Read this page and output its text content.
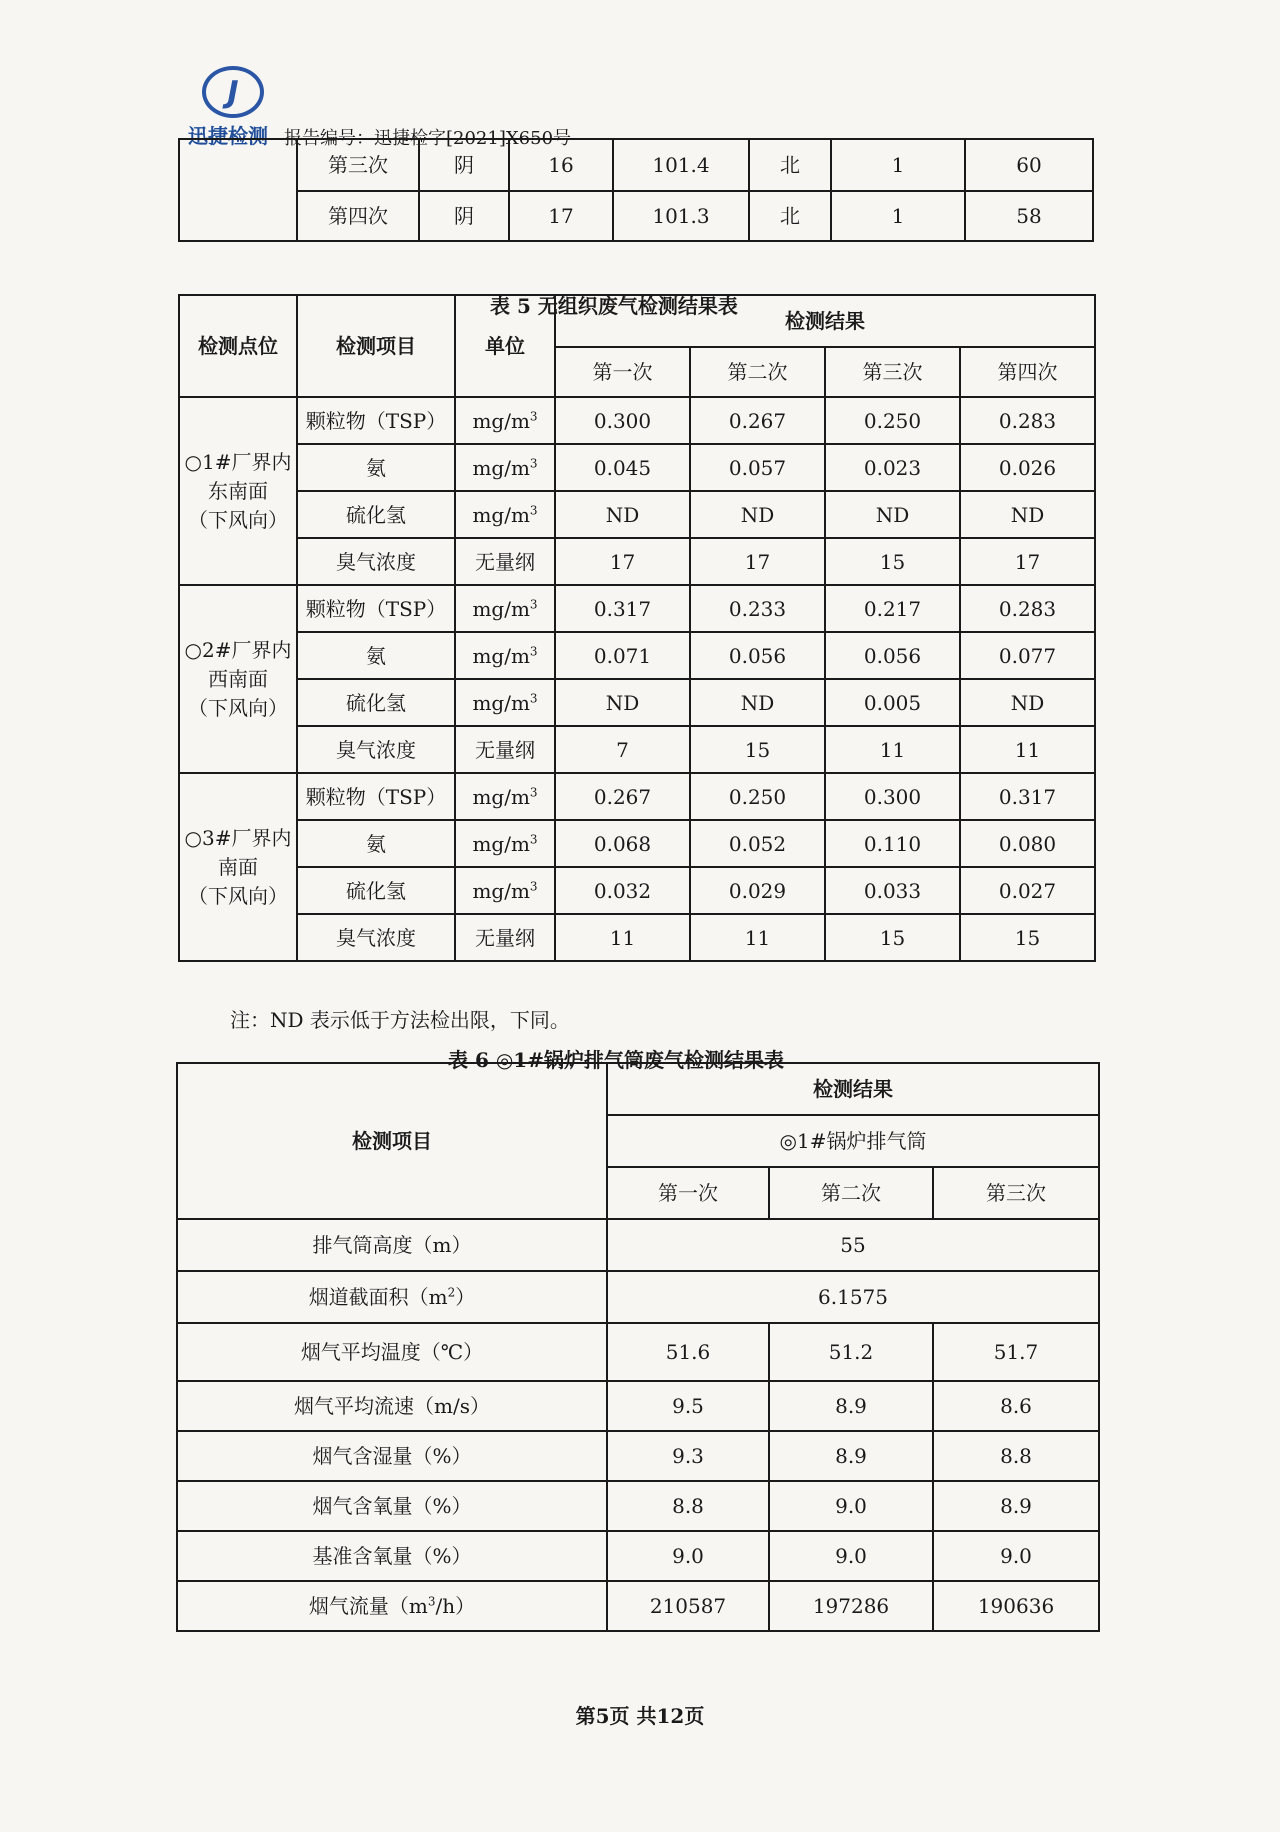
J
迅捷检测 报告编号：迅捷检字[2021]X650号
	第三次	阴	16	101.4	北	1	60
	第四次	阴	17	101.3	北	1	58
表 5 无组织废气检测结果表
检测点位	检测项目	单位	检测结果			
			第一次	第二次	第三次	第四次

○1#厂界内
东南面
（下风向）	颗粒物（TSP）	$mg/m^3$	0.300	0.267	0.250	0.283
	氨	$mg/m^3$	0.045	0.057	0.023	0.026
	硫化氢	$mg/m^3$	ND	ND	ND	ND
	臭气浓度	无量纲	17	17	15	17

○2#厂界内
西南面
（下风向）	颗粒物（TSP）	$mg/m^3$	0.317	0.233	0.217	0.283
	氨	$mg/m^3$	0.071	0.056	0.056	0.077
	硫化氢	$mg/m^3$	ND	ND	0.005	ND
	臭气浓度	无量纲	7	15	11	11

○3#厂界内
南面
（下风向）	颗粒物（TSP）	$mg/m^3$	0.267	0.250	0.300	0.317
	氨	$mg/m^3$	0.068	0.052	0.110	0.080
	硫化氢	$mg/m^3$	0.032	0.029	0.033	0.027
	臭气浓度	无量纲	11	11	15	15
注：ND 表示低于方法检出限，下同。
表 6 ◎1#锅炉排气筒废气检测结果表
检测项目	检测结果		
	◎1#锅炉排气筒		
	第一次	第二次	第三次
排气筒高度（m）	55		
烟道截面积$(m^2)$	6.1575		
烟气平均温度（℃）	51.6	51.2	51.7
烟气平均流速（m/s）	9.5	8.9	8.6
烟气含湿量（%）	9.3	8.9	8.8
烟气含氧量（%）	8.8	9.0	8.9
基准含氧量（%）	9.0	9.0	9.0
烟气流量$(m^3/h)$	210587	197286	190636
第5页 共12页
